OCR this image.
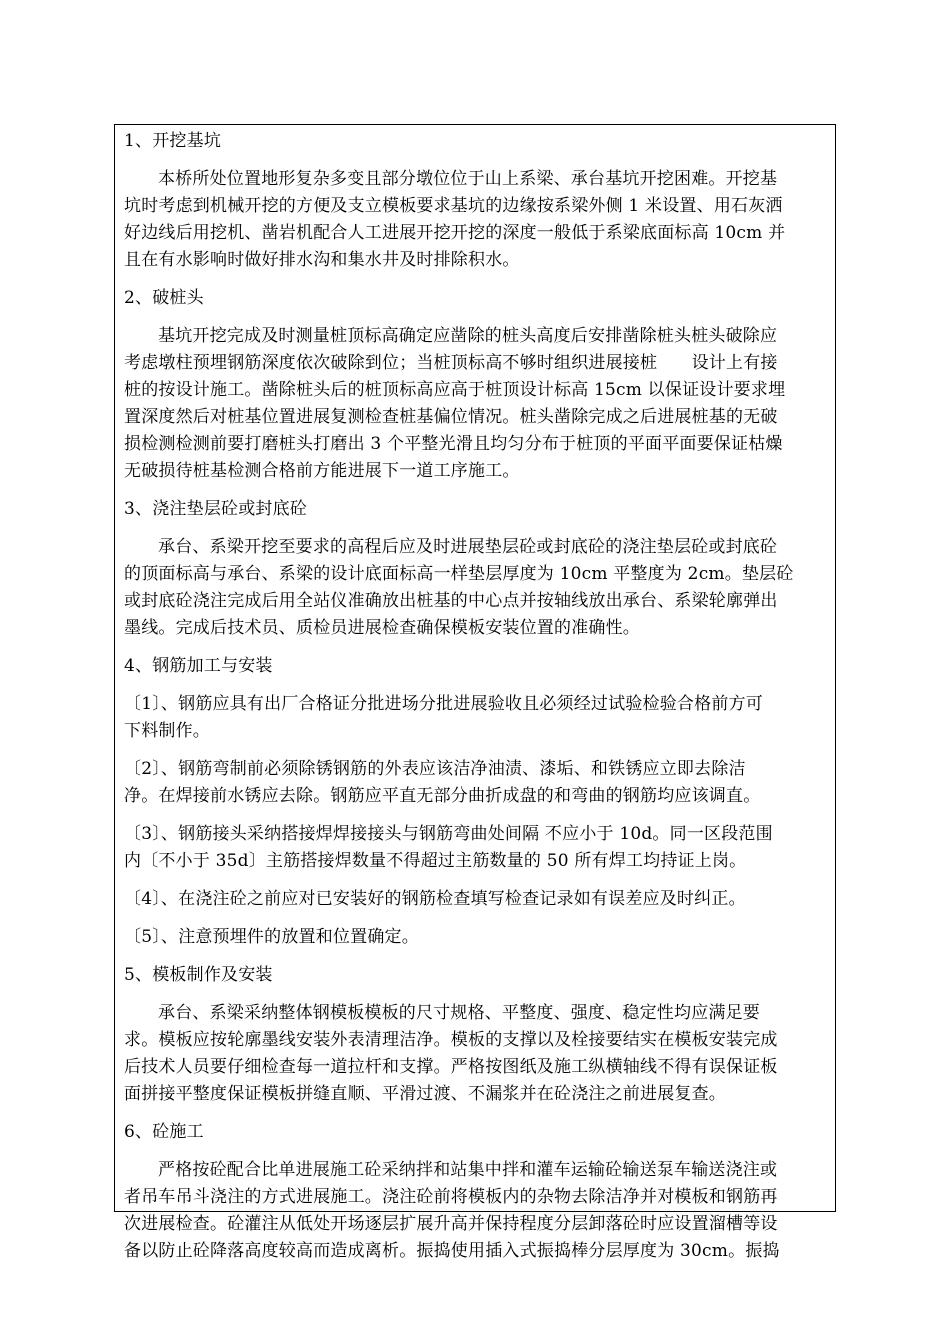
1、开挖基坑
本桥所处位置地形复杂多变且部分墩位位于山上系梁、承台基坑开挖困难。开挖基
坑时考虑到机械开挖的方便及支立模板要求基坑的边缘按系梁外侧 1 米设置、用石灰洒
好边线后用挖机、凿岩机配合人工进展开挖开挖的深度一般低于系梁底面标高 10cm 并
且在有水影响时做好排水沟和集水井及时排除积水。
2、破桩头
基坑开挖完成及时测量桩顶标高确定应凿除的桩头高度后安排凿除桩头桩头破除应
考虑墩柱预埋钢筋深度依次破除到位；当桩顶标高不够时组织进展接桩　　设计上有接
桩的按设计施工。凿除桩头后的桩顶标高应高于桩顶设计标高 15cm 以保证设计要求埋
置深度然后对桩基位置进展复测检查桩基偏位情况。桩头凿除完成之后进展桩基的无破
损检测检测前要打磨桩头打磨出 3 个平整光滑且均匀分布于桩顶的平面平面要保证枯燥
无破损待桩基检测合格前方能进展下一道工序施工。
3、浇注垫层砼或封底砼
承台、系梁开挖至要求的高程后应及时进展垫层砼或封底砼的浇注垫层砼或封底砼
的顶面标高与承台、系梁的设计底面标高一样垫层厚度为 10cm 平整度为 2cm。垫层砼
或封底砼浇注完成后用全站仪准确放出桩基的中心点并按轴线放出承台、系梁轮廓弹出
墨线。完成后技术员、质检员进展检查确保模板安装位置的准确性。
4、钢筋加工与安装
〔1〕、钢筋应具有出厂合格证分批进场分批进展验收且必须经过试验检验合格前方可
下料制作。
〔2〕、钢筋弯制前必须除锈钢筋的外表应该洁净油渍、漆垢、和铁锈应立即去除洁
净。在焊接前水锈应去除。钢筋应平直无部分曲折成盘的和弯曲的钢筋均应该调直。
〔3〕、钢筋接头采纳搭接焊焊接接头与钢筋弯曲处间隔 不应小于 10d。同一区段范围
内〔不小于 35d〕主筋搭接焊数量不得超过主筋数量的 50 所有焊工均持证上岗。
〔4〕、在浇注砼之前应对已安装好的钢筋检查填写检查记录如有误差应及时纠正。
〔5〕、注意预埋件的放置和位置确定。
5、模板制作及安装
承台、系梁采纳整体钢模板模板的尺寸规格、平整度、强度、稳定性均应满足要
求。模板应按轮廓墨线安装外表清理洁净。模板的支撑以及栓接要结实在模板安装完成
后技术人员要仔细检查每一道拉杆和支撑。严格按图纸及施工纵横轴线不得有误保证板
面拼接平整度保证模板拼缝直顺、平滑过渡、不漏浆并在砼浇注之前进展复查。
6、砼施工
严格按砼配合比单进展施工砼采纳拌和站集中拌和灌车运输砼输送泵车输送浇注或
者吊车吊斗浇注的方式进展施工。浇注砼前将模板内的杂物去除洁净并对模板和钢筋再
次进展检查。砼灌注从低处开场逐层扩展升高并保持程度分层卸落砼时应设置溜槽等设
备以防止砼降落高度较高而造成离析。振捣使用插入式振捣棒分层厚度为 30cm。振捣
